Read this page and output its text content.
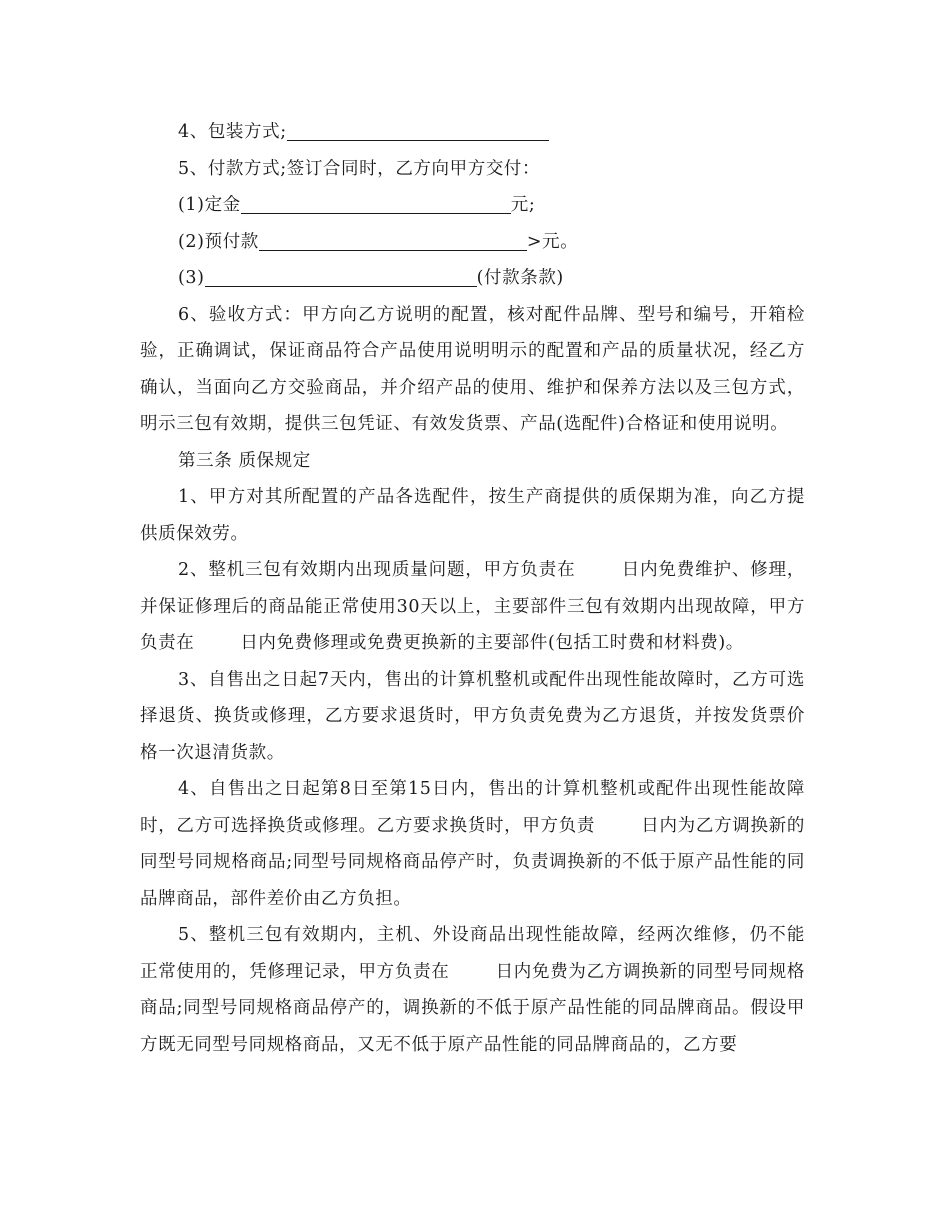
4、包装方式;

5、付款方式;签订合同时，乙方向甲方交付：

(1)定金	元;

(2)预付款	>元。

(3)	(付款条款)

6、验收方式：甲方向乙方说明的配置，核对配件品牌、型号和编号，开箱检验，正确调试，保证商品符合产品使用说明明示的配置和产品的质量状况，经乙方确认，当面向乙方交验商品，并介绍产品的使用、维护和保养方法以及三包方式，明示三包有效期，提供三包凭证、有效发货票、产品(选配件)合格证和使用说明。

第三条 质保规定

1、甲方对其所配置的产品各选配件，按生产商提供的质保期为准，向乙方提供质保效劳。

2、整机三包有效期内出现质量问题，甲方负责在	日内免费维护、修理，并保证修理后的商品能正常使用30天以上，主要部件三包有效期内出现故障，甲方负责在	日内免费修理或免费更换新的主要部件(包括工时费和材料费)。

3、自售出之日起7天内，售出的计算机整机或配件出现性能故障时，乙方可选择退货、换货或修理，乙方要求退货时，甲方负责免费为乙方退货，并按发货票价格一次退清货款。

4、自售出之日起第8日至第15日内，售出的计算机整机或配件出现性能故障时，乙方可选择换货或修理。乙方要求换货时，甲方负责	日内为乙方调换新的同型号同规格商品;同型号同规格商品停产时，负责调换新的不低于原产品性能的同品牌商品，部件差价由乙方负担。

5、整机三包有效期内，主机、外设商品出现性能故障，经两次维修，仍不能正常使用的，凭修理记录，甲方负责在	日内免费为乙方调换新的同型号同规格商品;同型号同规格商品停产的，调换新的不低于原产品性能的同品牌商品。假设甲方既无同型号同规格商品，又无不低于原产品性能的同品牌商品的，乙方要
